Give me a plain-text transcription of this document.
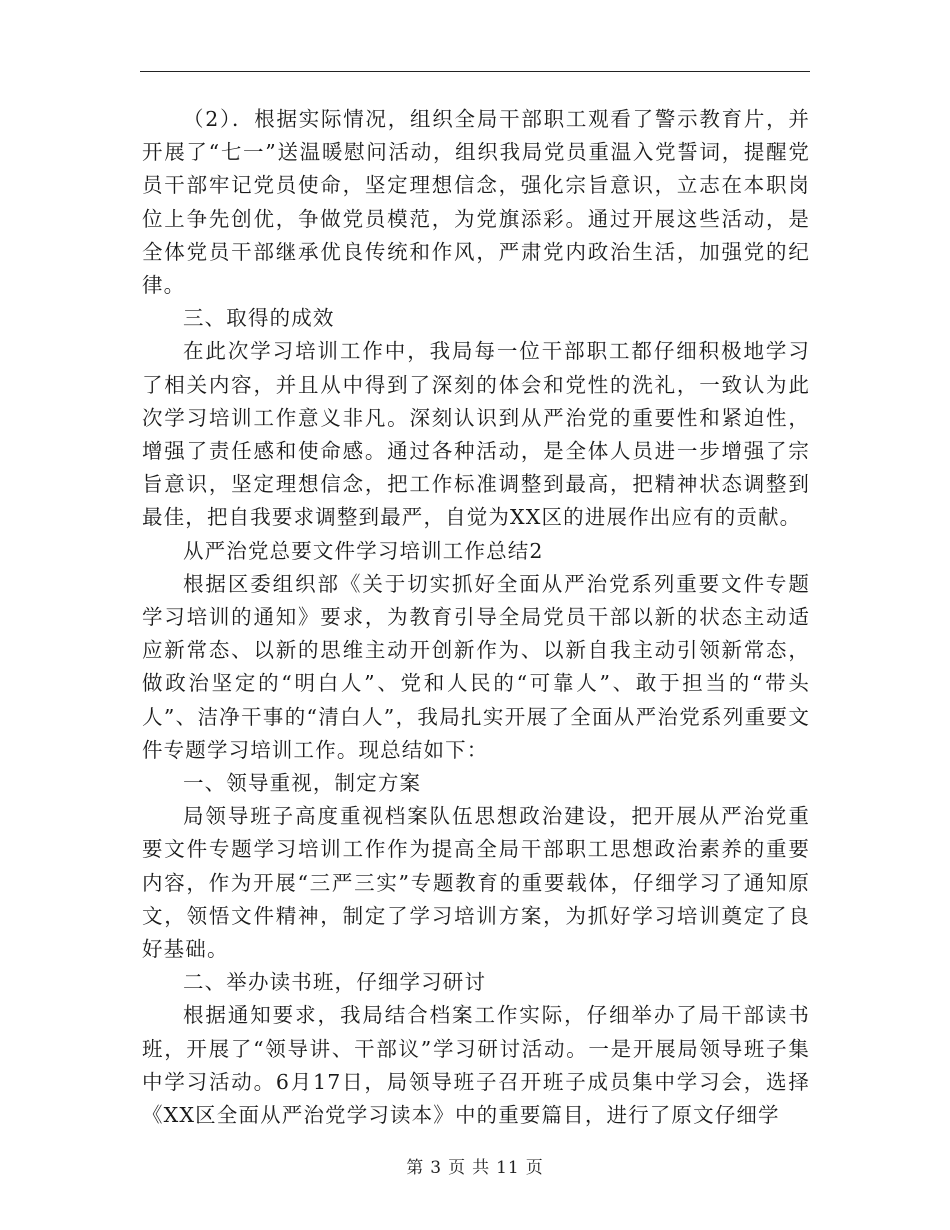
（2）．根据实际情况，组织全局干部职工观看了警示教育片，并开展了“七一”送温暖慰问活动，组织我局党员重温入党誓词，提醒党员干部牢记党员使命，坚定理想信念，强化宗旨意识，立志在本职岗位上争先创优，争做党员模范，为党旗添彩。通过开展这些活动，是全体党员干部继承优良传统和作风，严肃党内政治生活，加强党的纪律。

三、取得的成效

在此次学习培训工作中，我局每一位干部职工都仔细积极地学习了相关内容，并且从中得到了深刻的体会和党性的洗礼，一致认为此次学习培训工作意义非凡。深刻认识到从严治党的重要性和紧迫性，增强了责任感和使命感。通过各种活动，是全体人员进一步增强了宗旨意识，坚定理想信念，把工作标准调整到最高，把精神状态调整到最佳，把自我要求调整到最严，自觉为XX区的进展作出应有的贡献。

从严治党总要文件学习培训工作总结2

根据区委组织部《关于切实抓好全面从严治党系列重要文件专题学习培训的通知》要求，为教育引导全局党员干部以新的状态主动适应新常态、以新的思维主动开创新作为、以新自我主动引领新常态，做政治坚定的“明白人”、党和人民的“可靠人”、敢于担当的“带头人”、洁净干事的“清白人”，我局扎实开展了全面从严治党系列重要文件专题学习培训工作。现总结如下：

一、领导重视，制定方案

局领导班子高度重视档案队伍思想政治建设，把开展从严治党重要文件专题学习培训工作作为提高全局干部职工思想政治素养的重要内容，作为开展“三严三实”专题教育的重要载体，仔细学习了通知原文，领悟文件精神，制定了学习培训方案，为抓好学习培训奠定了良好基础。

二、举办读书班，仔细学习研讨

根据通知要求，我局结合档案工作实际，仔细举办了局干部读书班，开展了“领导讲、干部议”学习研讨活动。一是开展局领导班子集中学习活动。6月17日，局领导班子召开班子成员集中学习会，选择《XX区全面从严治党学习读本》中的重要篇目，进行了原文仔细学

第 3 页 共 11 页
